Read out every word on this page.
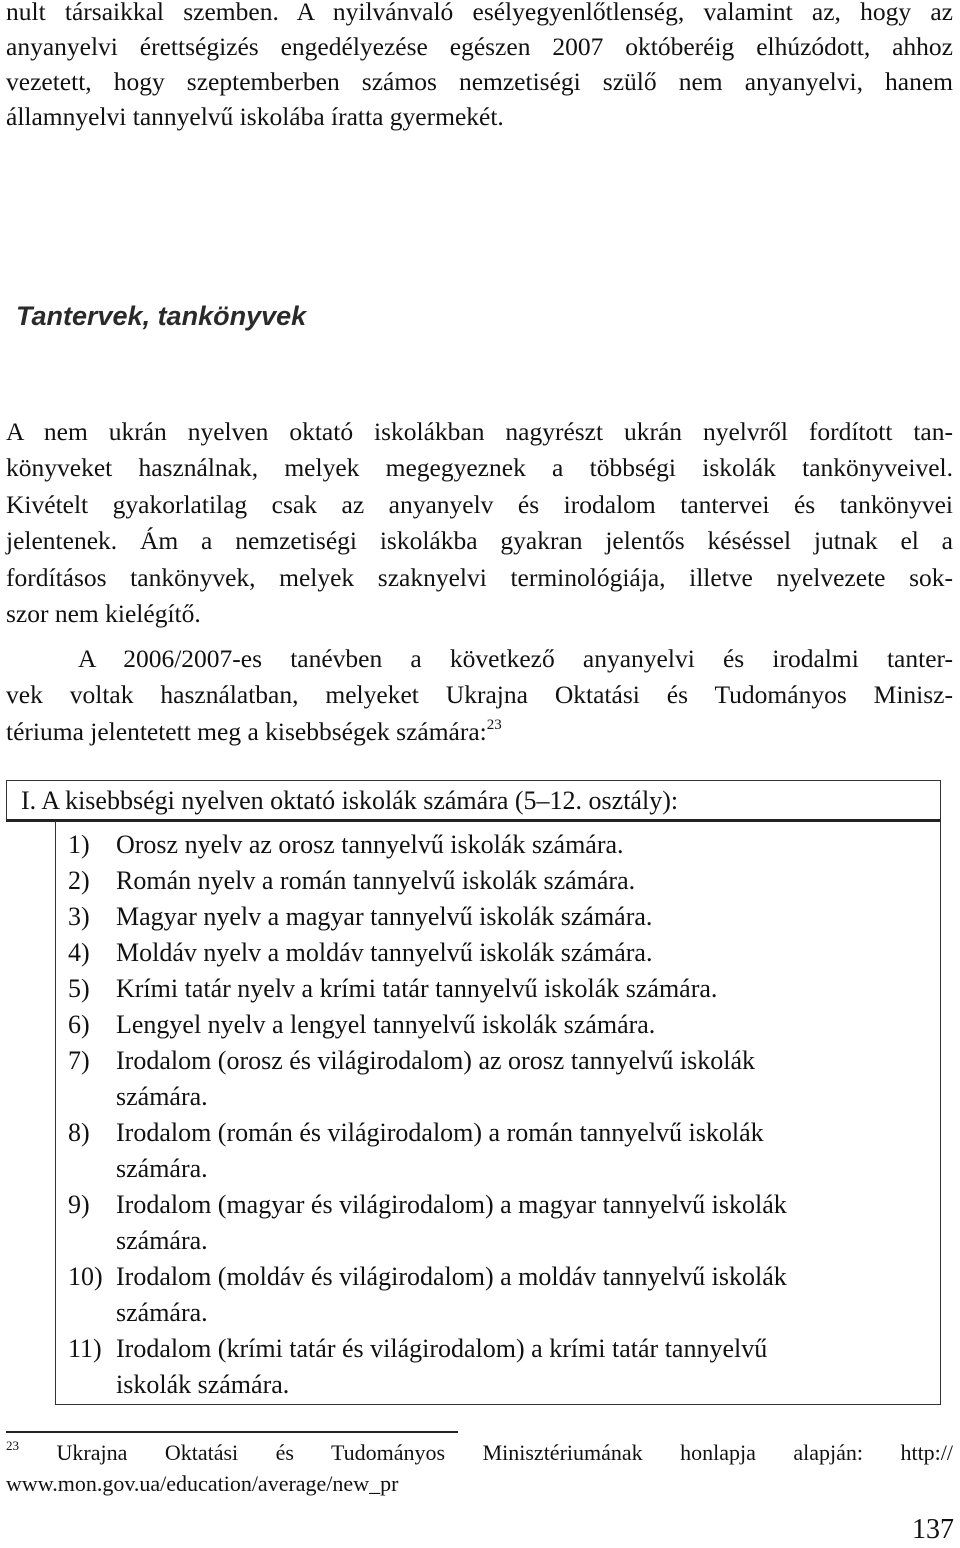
nult társaikkal szemben. A nyilvánvaló esélyegyenlőtlenség, valamint az, hogy az
anyanyelvi érettségizés engedélyezése egészen 2007 októberéig elhúzódott, ahhoz
vezetett, hogy szeptemberben számos nemzetiségi szülő nem anyanyelvi, hanem
államnyelvi tannyelvű iskolába íratta gyermekét.
Tantervek, tankönyvek
A nem ukrán nyelven oktató iskolákban nagyrészt ukrán nyelvről fordított tan-
könyveket használnak, melyek megegyeznek a többségi iskolák tankönyveivel.
Kivételt gyakorlatilag csak az anyanyelv és irodalom tantervei és tankönyvei
jelentenek. Ám a nemzetiségi iskolákba gyakran jelentős késéssel jutnak el a
fordításos tankönyvek, melyek szaknyelvi terminológiája, illetve nyelvezete sok-
szor nem kielégítő.
A 2006/2007-es tanévben a következő anyanyelvi és irodalmi tanter-
vek voltak használatban, melyeket Ukrajna Oktatási és Tudományos Minisz-
tériuma jelentetett meg a kisebbségek számára:$^{23}$
I. A kisebbségi nyelven oktató iskolák számára (5–12. osztály):
1) Orosz nyelv az orosz tannyelvű iskolák számára.
2) Román nyelv a román tannyelvű iskolák számára.
3) Magyar nyelv a magyar tannyelvű iskolák számára.
4) Moldáv nyelv a moldáv tannyelvű iskolák számára.
5) Krími tatár nyelv a krími tatár tannyelvű iskolák számára.
6) Lengyel nyelv a lengyel tannyelvű iskolák számára.
7) Irodalom (orosz és világirodalom) az orosz tannyelvű iskolák
számára.
8) Irodalom (román és világirodalom) a román tannyelvű iskolák
számára.
9) Irodalom (magyar és világirodalom) a magyar tannyelvű iskolák
számára.
10) Irodalom (moldáv és világirodalom) a moldáv tannyelvű iskolák
számára.
11) Irodalom (krími tatár és világirodalom) a krími tatár tannyelvű
iskolák számára.
$^{23}$ Ukrajna Oktatási és Tudományos Minisztériumának honlapja alapján: http://
www.mon.gov.ua/education/average/new_pr
137
